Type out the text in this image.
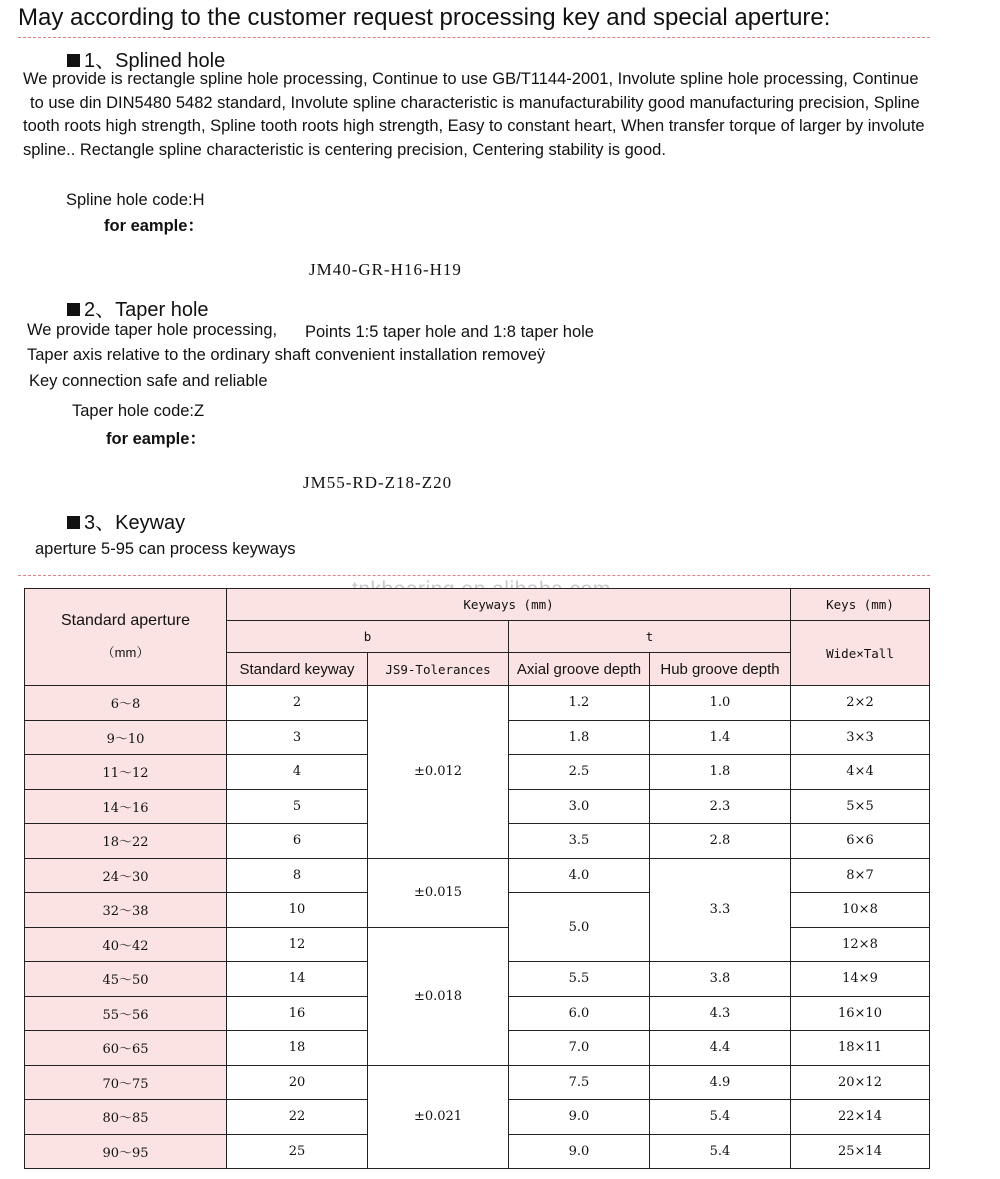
May according to the customer request processing key and special aperture:
1、Splined hole
We provide is rectangle spline hole processing, Continue to use GB/T1144-2001, Involute spline hole processing, Continue
to use din DIN5480 5482 standard, Involute spline characteristic is manufacturability good manufacturing precision, Spline
tooth roots high strength, Spline tooth roots high strength, Easy to constant heart, When transfer torque of larger by involute
spline.. Rectangle spline characteristic is centering precision, Centering stability is good.
Spline hole code:H
for eample：
JM40-GR-H16-H19
2、Taper hole
We provide taper hole processing, Points 1:5 taper hole and 1:8 taper hole
Taper axis relative to the ordinary shaft convenient installation removeÿ
Key connection safe and reliable
Taper hole code:Z
for eample：
JM55-RD-Z18-Z20
3、Keyway
aperture 5-95 can process keyways
Standard aperture
（mm）	Keyways (mm)				Keys (mm)
	b		t		Wide×Tall
	Standard keyway	JS9-Tolerances	Axial groove depth	Hub groove depth	
6～8	2	±0.012	1.2	1.0	2×2
9～10	3		1.8	1.4	3×3
11～12	4		2.5	1.8	4×4
14～16	5		3.0	2.3	5×5
18～22	6		3.5	2.8	6×6
24～30	8	±0.015	4.0	3.3	8×7
32～38	10		5.0		10×8
40～42	12	±0.018			12×8
45～50	14		5.5	3.8	14×9
55～56	16		6.0	4.3	16×10
60～65	18		7.0	4.4	18×11
70～75	20	±0.021	7.5	4.9	20×12
80～85	22		9.0	5.4	22×14
90～95	25		9.0	5.4	25×14
